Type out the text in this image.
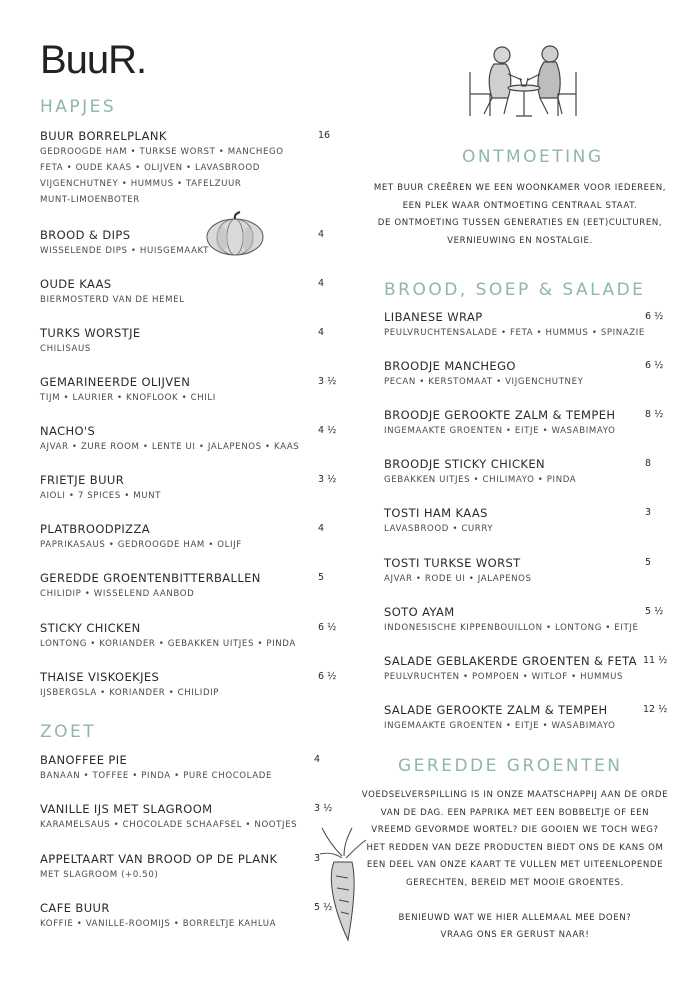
BuuR.
HAPJES
BUUR BORRELPLANK
GEDROOGDE HAM • TURKSE WORST • MANCHEGO
FETA • OUDE KAAS • OLIJVEN • LAVASBROOD
VIJGENCHUTNEY • HUMMUS • TAFELZUUR
MUNT-LIMOENBOTER
16
BROOD & DIPS
WISSELENDE DIPS • HUISGEMAAKT
4
OUDE KAAS
BIERMOSTERD VAN DE HEMEL
4
TURKS WORSTJE
CHILISAUS
4
GEMARINEERDE OLIJVEN
TIJM • LAURIER • KNOFLOOK • CHILI
3 ½
NACHO'S
AJVAR • ZURE ROOM • LENTE UI • JALAPENOS • KAAS
4 ½
FRIETJE BUUR
AIOLI • 7 SPICES • MUNT
3 ½
PLATBROODPIZZA
PAPRIKASAUS • GEDROOGDE HAM • OLIJF
4
GEREDDE GROENTENBITTERBALLEN
CHILIDIP • WISSELEND AANBOD
5
STICKY CHICKEN
LONTONG • KORIANDER • GEBAKKEN UITJES • PINDA
6 ½
THAISE VISKOEKJES
IJSBERGSLA • KORIANDER • CHILIDIP
6 ½
ZOET
BANOFFEE PIE
BANAAN • TOFFEE • PINDA • PURE CHOCOLADE
4
VANILLE IJS MET SLAGROOM
KARAMELSAUS • CHOCOLADE SCHAAFSEL • NOOTJES
3 ½
APPELTAART VAN BROOD OP DE PLANK
MET SLAGROOM (+0.50)
3
CAFE BUUR
KOFFIE • VANILLE-ROOMIJS • BORRELTJE KAHLUA
5 ½
ONTMOETING
MET BUUR CREËREN WE EEN WOONKAMER VOOR IEDEREEN,
EEN PLEK WAAR ONTMOETING CENTRAAL STAAT.
DE ONTMOETING TUSSEN GENERATIES EN (EET)CULTUREN,
VERNIEUWING EN NOSTALGIE.
BROOD, SOEP & SALADE
LIBANESE WRAP
PEULVRUCHTENSALADE • FETA • HUMMUS • SPINAZIE
6 ½
BROODJE MANCHEGO
PECAN • KERSTOMAAT • VIJGENCHUTNEY
6 ½
BROODJE GEROOKTE ZALM & TEMPEH
INGEMAAKTE GROENTEN • EITJE • WASABIMAYO
8 ½
BROODJE STICKY CHICKEN
GEBAKKEN UITJES • CHILIMAYO • PINDA
8
TOSTI HAM KAAS
LAVASBROOD • CURRY
3
TOSTI TURKSE WORST
AJVAR • RODE UI • JALAPENOS
5
SOTO AYAM
INDONESISCHE KIPPENBOUILLON • LONTONG • EITJE
5 ½
SALADE GEBLAKERDE GROENTEN & FETA
PEULVRUCHTEN • POMPOEN • WITLOF • HUMMUS
11 ½
SALADE GEROOKTE ZALM & TEMPEH
INGEMAAKTE GROENTEN • EITJE • WASABIMAYO
12 ½
GEREDDE GROENTEN
VOEDSELVERSPILLING IS IN ONZE MAATSCHAPPIJ AAN DE ORDE
VAN DE DAG. EEN PAPRIKA MET EEN BOBBELTJE OF EEN
VREEMD GEVORMDE WORTEL? DIE GOOIEN WE TOCH WEG?
HET REDDEN VAN DEZE PRODUCTEN BIEDT ONS DE KANS OM
EEN DEEL VAN ONZE KAART TE VULLEN MET UITEENLOPENDE
GERECHTEN, BEREID MET MOOIE GROENTES.
BENIEUWD WAT WE HIER ALLEMAAL MEE DOEN?
VRAAG ONS ER GERUST NAAR!
